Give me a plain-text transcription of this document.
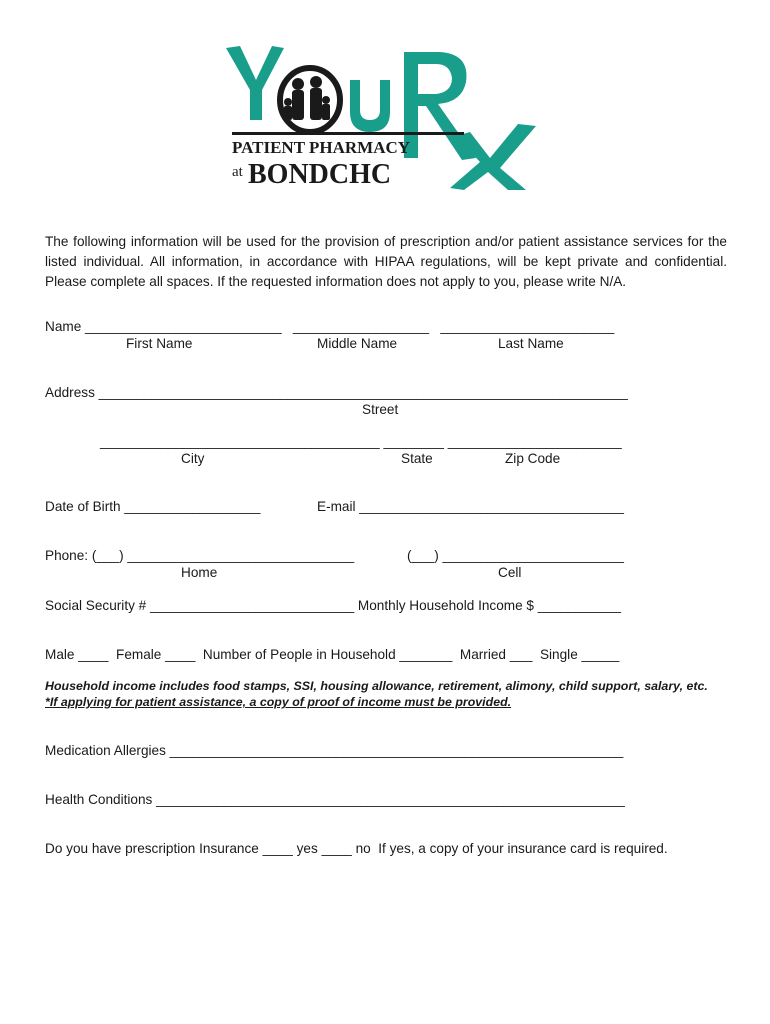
PATIENT PHARMACY
at BONDCHC

The following information will be used for the provision of prescription and/or patient assistance services for the listed individual. All information, in accordance with HIPAA regulations, will be kept private and confidential. Please complete all spaces. If the requested information does not apply to you, please write N/A.

Name __________________________   __________________   _______________________
First Name	Middle Name	Last Name
Address ______________________________________________________________________
Street
_____________________________________ ________ _______________________
City	State	Zip Code
Date of Birth __________________	E-mail ___________________________________
Phone: (___) ______________________________	(___) ________________________
Home	Cell
Social Security # ___________________________ Monthly Household Income $ ___________
Male ____  Female ____  Number of People in Household _______  Married ___  Single _____
Household income includes food stamps, SSI, housing allowance, retirement, alimony, child support, salary, etc.
*If applying for patient assistance, a copy of proof of income must be provided.
Medication Allergies ____________________________________________________________
Health Conditions ______________________________________________________________
Do you have prescription Insurance ____ yes ____ no  If yes, a copy of your insurance card is required.
